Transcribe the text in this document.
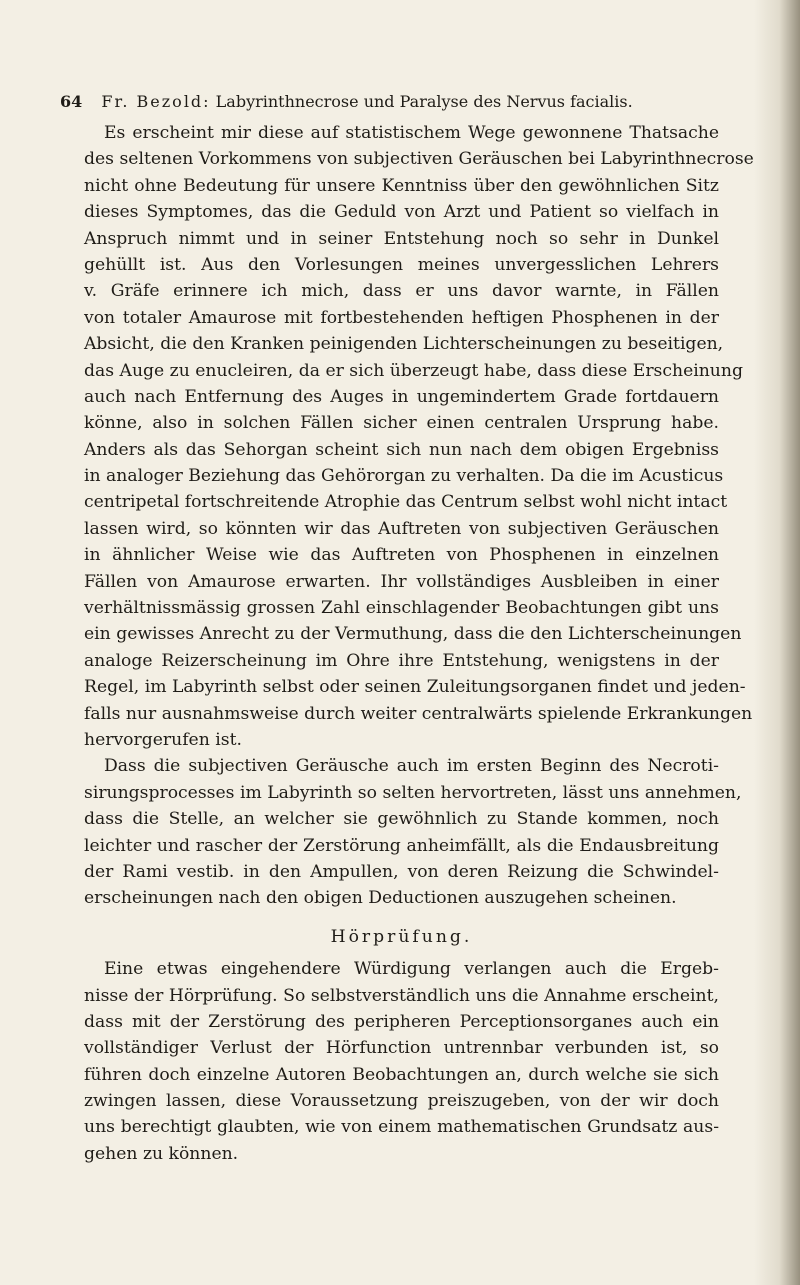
64 Fr. Bezold: Labyrinthnecrose und Paralyse des Nervus facialis.
Es erscheint mir diese auf statistischem Wege gewonnene Thatsache
des seltenen Vorkommens von subjectiven Geräuschen bei Labyrinthnecrose
nicht ohne Bedeutung für unsere Kenntniss über den gewöhnlichen Sitz
dieses Symptomes, das die Geduld von Arzt und Patient so vielfach in
Anspruch nimmt und in seiner Entstehung noch so sehr in Dunkel
gehüllt ist. Aus den Vorlesungen meines unvergesslichen Lehrers
v. Gräfe erinnere ich mich, dass er uns davor warnte, in Fällen
von totaler Amaurose mit fortbestehenden heftigen Phosphenen in der
Absicht, die den Kranken peinigenden Lichterscheinungen zu beseitigen,
das Auge zu enucleiren, da er sich überzeugt habe, dass diese Erscheinung
auch nach Entfernung des Auges in ungemindertem Grade fortdauern
könne, also in solchen Fällen sicher einen centralen Ursprung habe.
Anders als das Sehorgan scheint sich nun nach dem obigen Ergebniss
in analoger Beziehung das Gehörorgan zu verhalten. Da die im Acusticus
centripetal fortschreitende Atrophie das Centrum selbst wohl nicht intact
lassen wird, so könnten wir das Auftreten von subjectiven Geräuschen
in ähnlicher Weise wie das Auftreten von Phosphenen in einzelnen
Fällen von Amaurose erwarten. Ihr vollständiges Ausbleiben in einer
verhältnissmässig grossen Zahl einschlagender Beobachtungen gibt uns
ein gewisses Anrecht zu der Vermuthung, dass die den Lichterscheinungen
analoge Reizerscheinung im Ohre ihre Entstehung, wenigstens in der
Regel, im Labyrinth selbst oder seinen Zuleitungsorganen findet und jeden-
falls nur ausnahmsweise durch weiter centralwärts spielende Erkrankungen
hervorgerufen ist.
Dass die subjectiven Geräusche auch im ersten Beginn des Necroti-
sirungsprocesses im Labyrinth so selten hervortreten, lässt uns annehmen,
dass die Stelle, an welcher sie gewöhnlich zu Stande kommen, noch
leichter und rascher der Zerstörung anheimfällt, als die Endausbreitung
der Rami vestib. in den Ampullen, von deren Reizung die Schwindel-
erscheinungen nach den obigen Deductionen auszugehen scheinen.
Hörprüfung.
Eine etwas eingehendere Würdigung verlangen auch die Ergeb-
nisse der Hörprüfung. So selbstverständlich uns die Annahme erscheint,
dass mit der Zerstörung des peripheren Perceptionsorganes auch ein
vollständiger Verlust der Hörfunction untrennbar verbunden ist, so
führen doch einzelne Autoren Beobachtungen an, durch welche sie sich
zwingen lassen, diese Voraussetzung preiszugeben, von der wir doch
uns berechtigt glaubten, wie von einem mathematischen Grundsatz aus-
gehen zu können.
